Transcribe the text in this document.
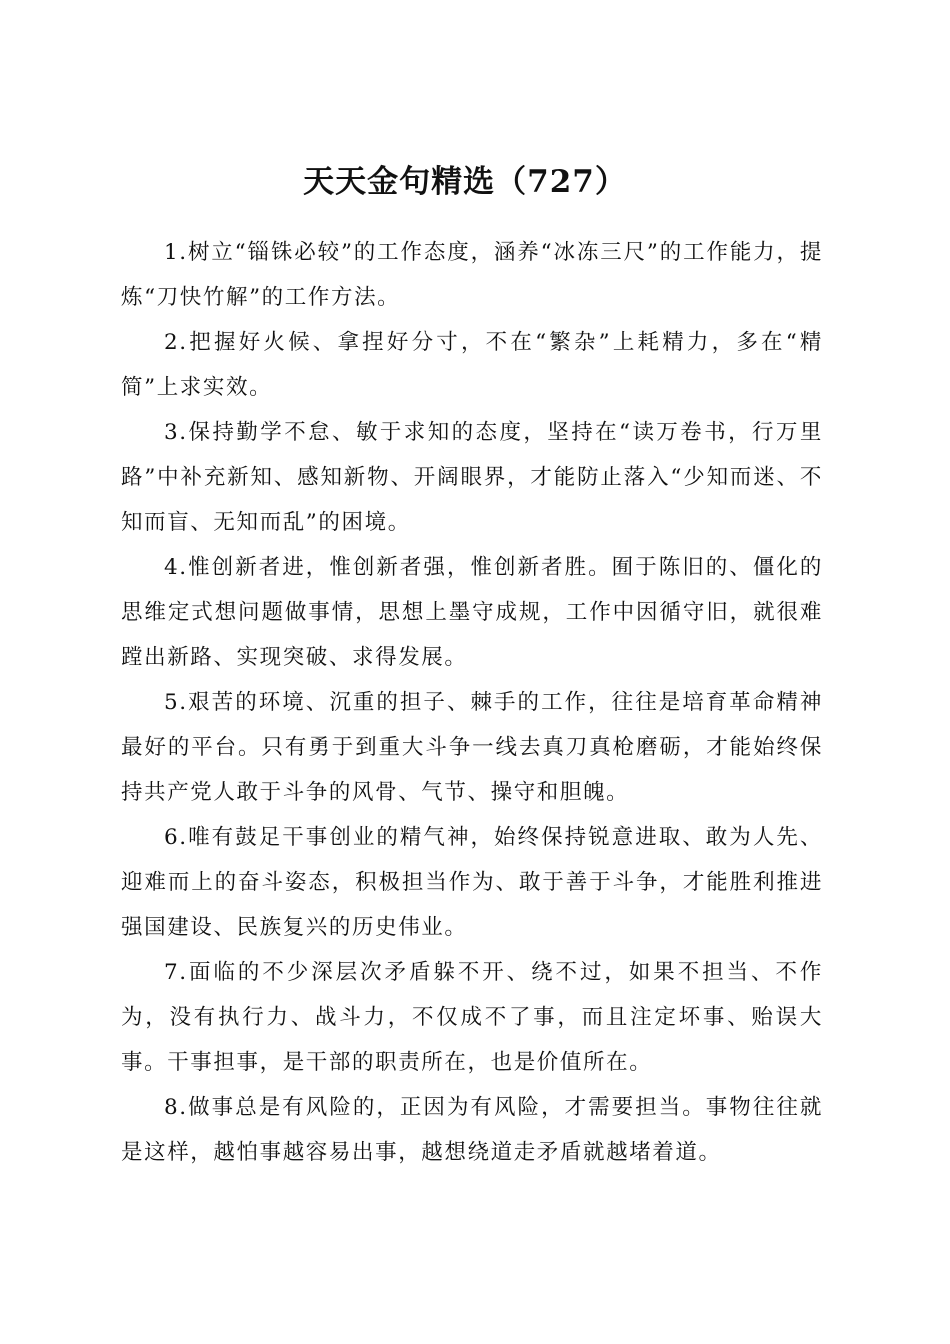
天天金句精选（727）

1.树立“锱铢必较”的工作态度，涵养“冰冻三尺”的工作能力，提炼“刀快竹解”的工作方法。

2.把握好火候、拿捏好分寸，不在“繁杂”上耗精力，多在“精简”上求实效。

3.保持勤学不怠、敏于求知的态度，坚持在“读万卷书，行万里路”中补充新知、感知新物、开阔眼界，才能防止落入“少知而迷、不知而盲、无知而乱”的困境。

4.惟创新者进，惟创新者强，惟创新者胜。囿于陈旧的、僵化的思维定式想问题做事情，思想上墨守成规，工作中因循守旧，就很难蹚出新路、实现突破、求得发展。

5.艰苦的环境、沉重的担子、棘手的工作，往往是培育革命精神最好的平台。只有勇于到重大斗争一线去真刀真枪磨砺，才能始终保持共产党人敢于斗争的风骨、气节、操守和胆魄。

6.唯有鼓足干事创业的精气神，始终保持锐意进取、敢为人先、迎难而上的奋斗姿态，积极担当作为、敢于善于斗争，才能胜利推进强国建设、民族复兴的历史伟业。

7.面临的不少深层次矛盾躲不开、绕不过，如果不担当、不作为，没有执行力、战斗力，不仅成不了事，而且注定坏事、贻误大事。干事担事，是干部的职责所在，也是价值所在。

8.做事总是有风险的，正因为有风险，才需要担当。事物往往就是这样，越怕事越容易出事，越想绕道走矛盾就越堵着道。
